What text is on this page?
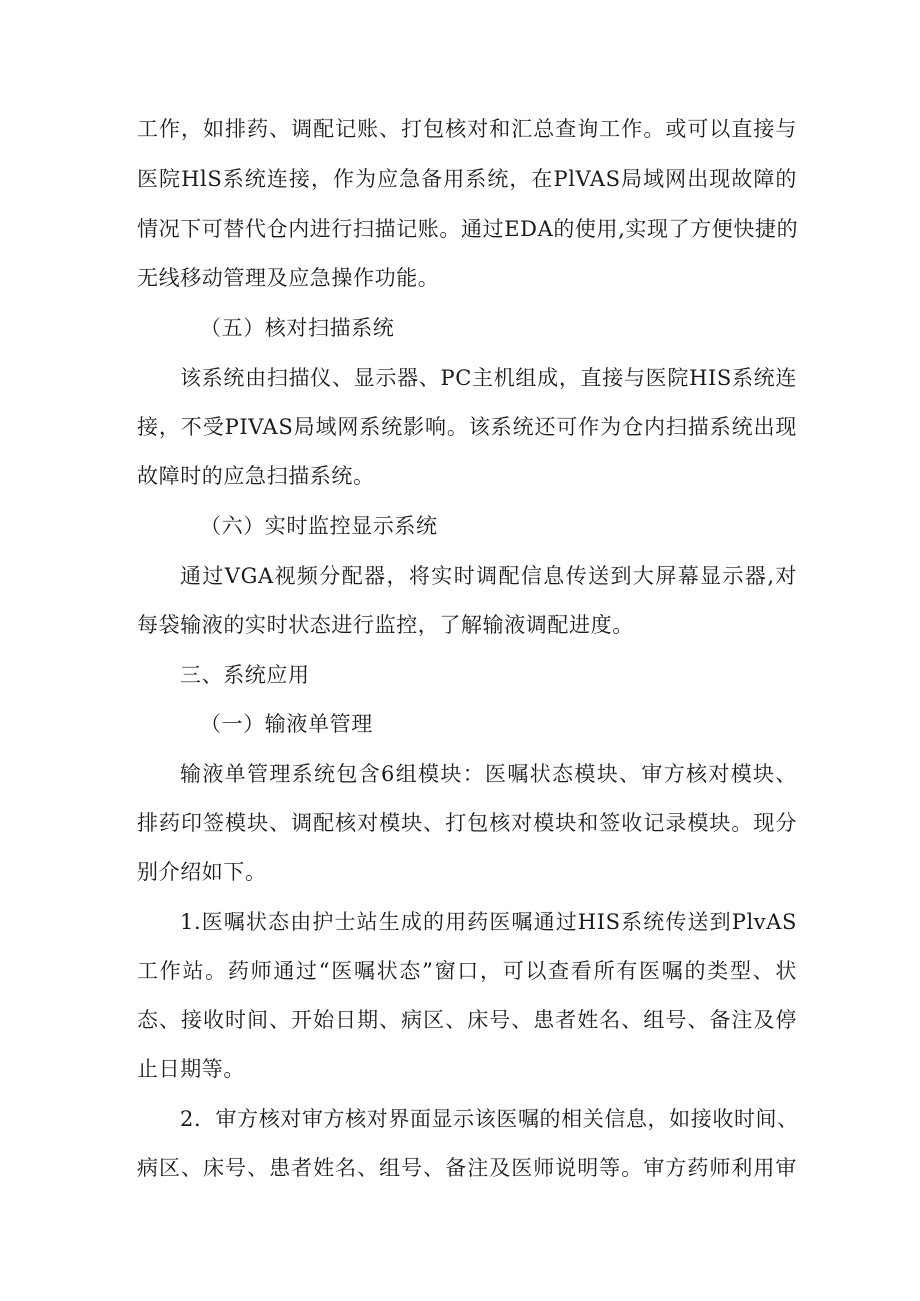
工作，如排药、调配记账、打包核对和汇总查询工作。或可以直接与
医院HlS系统连接，作为应急备用系统，在PlVAS局域网出现故障的
情况下可替代仓内进行扫描记账。通过EDA的使用,实现了方便快捷的
无线移动管理及应急操作功能。
（五）核对扫描系统
该系统由扫描仪、显示器、PC主机组成，直接与医院HIS系统连
接，不受PIVAS局域网系统影响。该系统还可作为仓内扫描系统出现
故障时的应急扫描系统。
（六）实时监控显示系统
通过VGA视频分配器，将实时调配信息传送到大屏幕显示器,对
每袋输液的实时状态进行监控，了解输液调配进度。
三、系统应用
（一）输液单管理
输液单管理系统包含6组模块：医嘱状态模块、审方核对模块、
排药印签模块、调配核对模块、打包核对模块和签收记录模块。现分
别介绍如下。
1.医嘱状态由护士站生成的用药医嘱通过HIS系统传送到PlvAS
工作站。药师通过“医嘱状态”窗口，可以查看所有医嘱的类型、状
态、接收时间、开始日期、病区、床号、患者姓名、组号、备注及停
止日期等。
2．审方核对审方核对界面显示该医嘱的相关信息，如接收时间、
病区、床号、患者姓名、组号、备注及医师说明等。审方药师利用审
